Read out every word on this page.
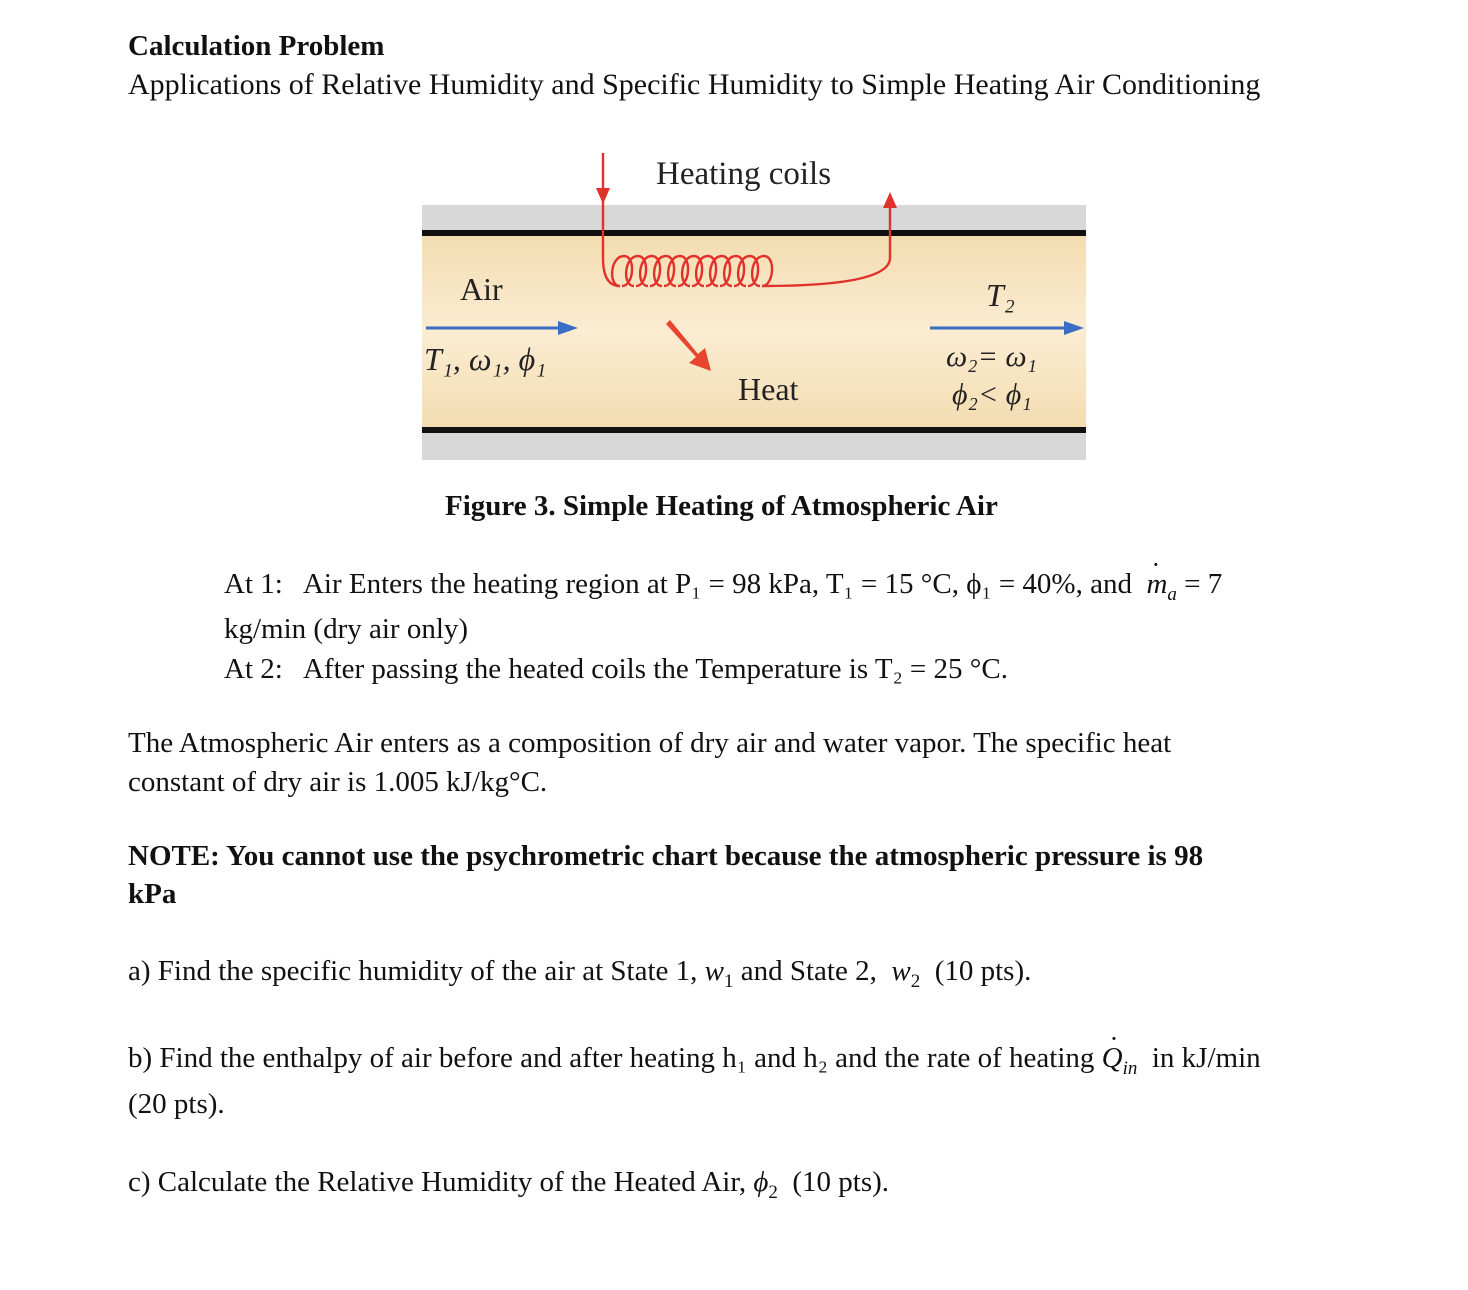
Calculation Problem
Applications of Relative Humidity and Specific Humidity to Simple Heating Air Conditioning
Heating coils
Air
T₁, ω₁, ϕ₁
Heat
T₂
ω₂= ω₁
ϕ₂< ϕ₁
Figure 3. Simple Heating of Atmospheric Air
At 1: Air Enters the heating region at P₁ = 98 kPa, T₁ = 15 °C, ϕ₁ = 40%, and $m \cdot_a = 7$
kg/min (dry air only)
At 2: After passing the heated coils the Temperature is T₂ = 25 °C.
The Atmospheric Air enters as a composition of dry air and water vapor. The specific heat
constant of dry air is 1.005 kJ/kg°C.
NOTE: You cannot use the psychrometric chart because the atmospheric pressure is 98
kPa
a) Find the specific humidity of the air at State 1, $w_1$ and State 2, $w_2$ (10 pts).
b) Find the enthalpy of air before and after heating h₁ and h₂ and the rate of heating $Q \cdot_{in}$ in kJ/min
(20 pts).
c) Calculate the Relative Humidity of the Heated Air, $\phi_2$ (10 pts).
